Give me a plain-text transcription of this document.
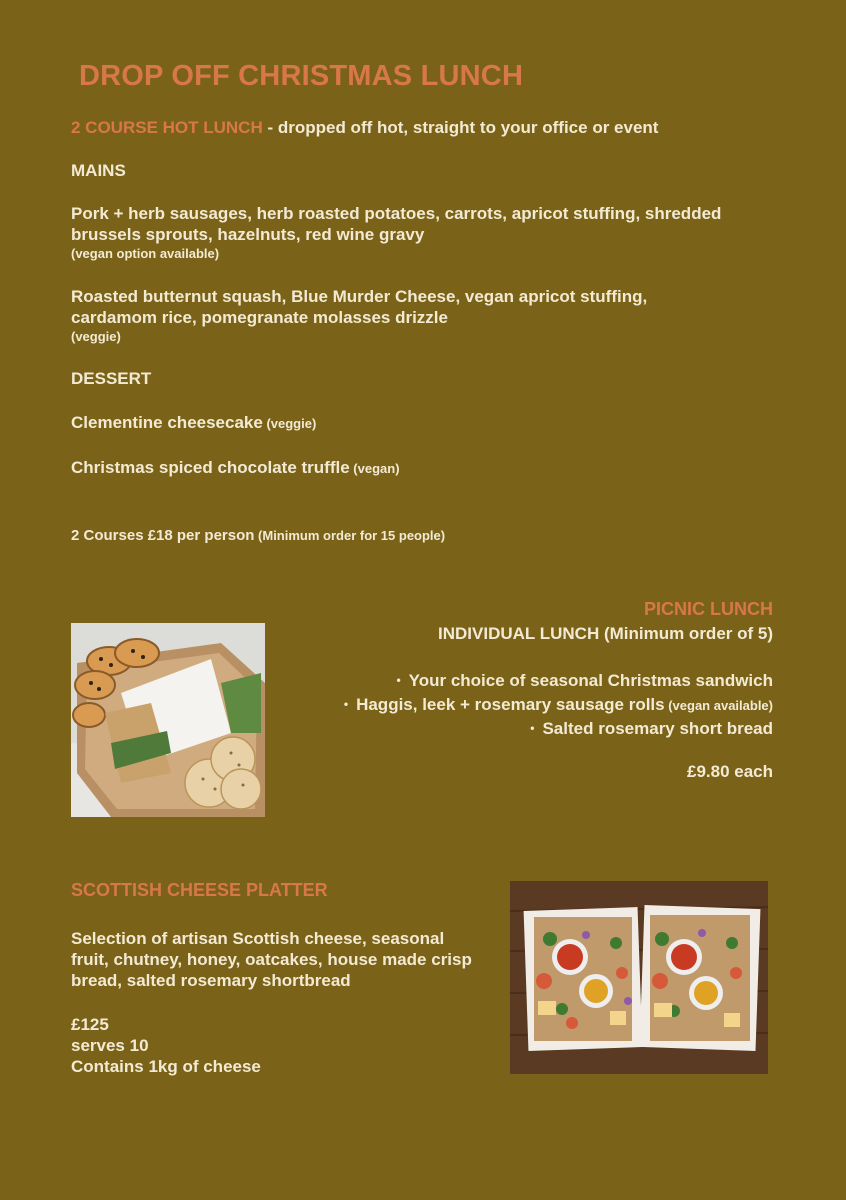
DROP OFF CHRISTMAS LUNCH
2 COURSE HOT LUNCH - dropped off hot, straight to your office or event
MAINS
Pork + herb sausages, herb roasted potatoes, carrots, apricot stuffing, shredded
brussels sprouts, hazelnuts, red wine gravy
(vegan option available)
Roasted butternut squash, Blue Murder Cheese, vegan apricot stuffing,
cardamom rice, pomegranate molasses drizzle
(veggie)
DESSERT
Clementine cheesecake (veggie)
Christmas spiced chocolate truffle (vegan)
2 Courses £18 per person (Minimum order for 15 people)
PICNIC LUNCH
INDIVIDUAL LUNCH (Minimum order of 5)
• Your choice of seasonal Christmas sandwich
• Haggis, leek + rosemary sausage rolls (vegan available)
• Salted rosemary short bread
£9.80 each
SCOTTISH CHEESE PLATTER
Selection of artisan Scottish cheese, seasonal
fruit, chutney, honey, oatcakes, house made crisp
bread, salted rosemary shortbread
£125
serves 10
Contains 1kg of cheese
